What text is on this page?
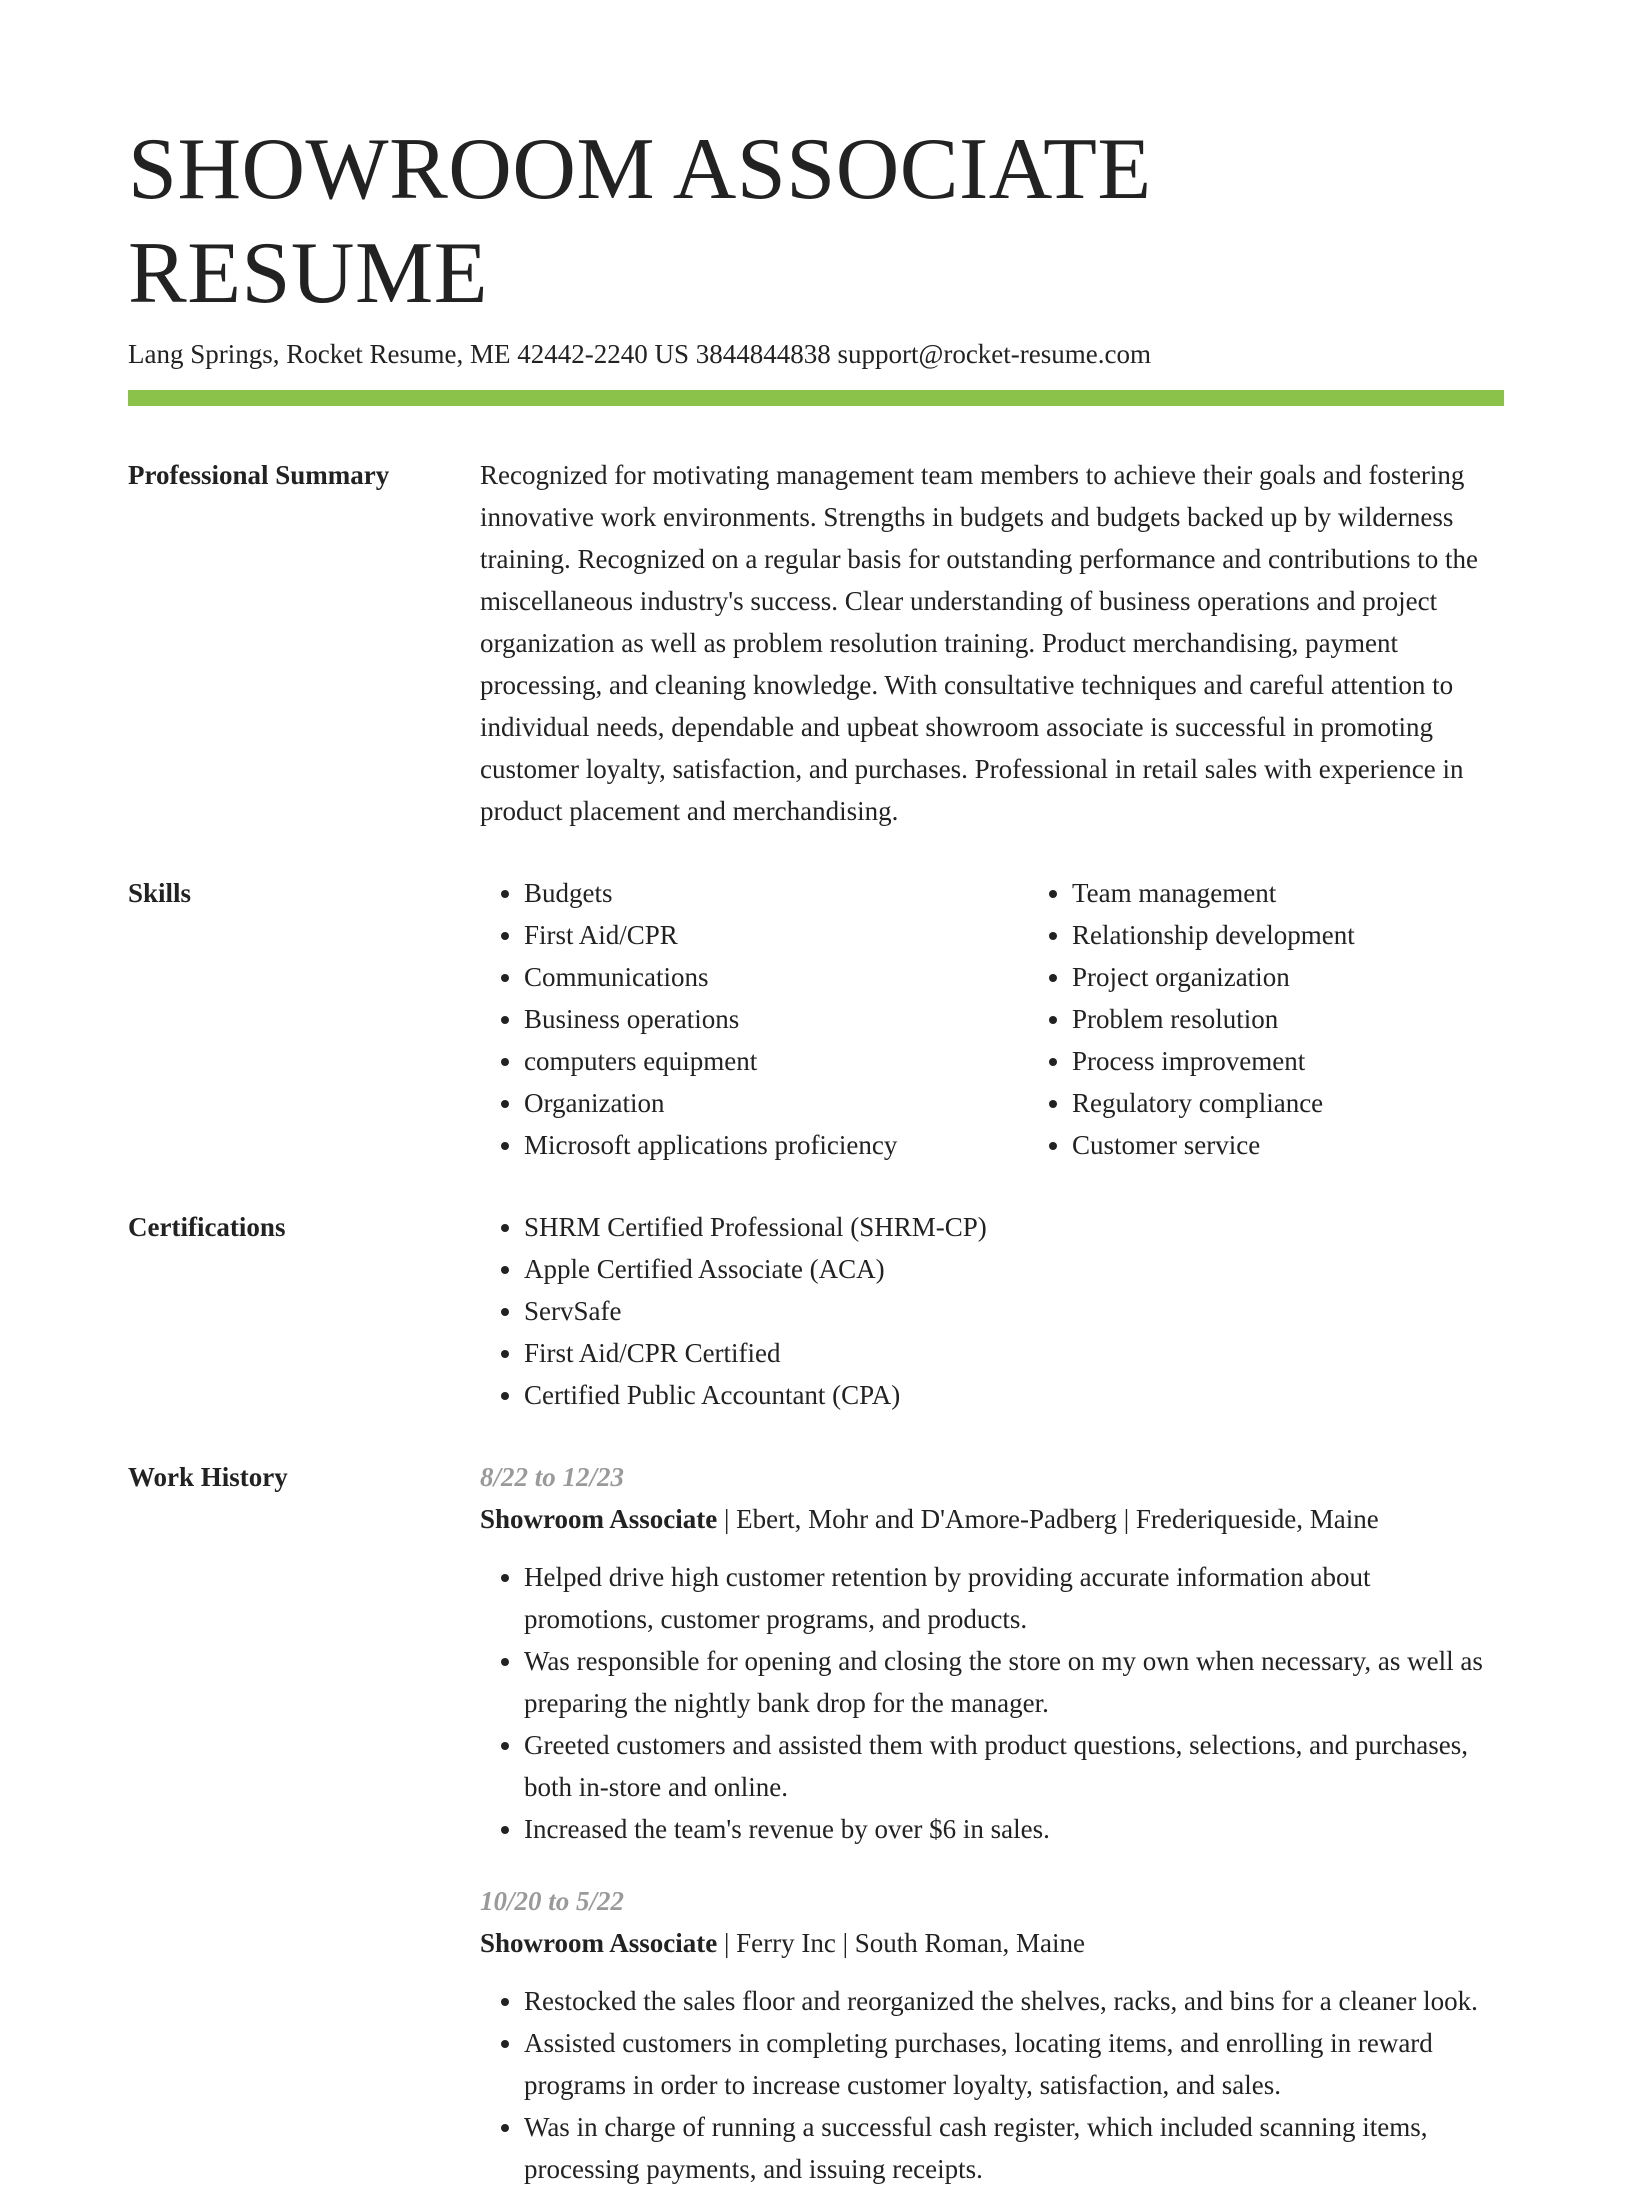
SHOWROOM ASSOCIATE RESUME
Lang Springs, Rocket Resume, ME 42442-2240 US 3844844838 support@rocket-resume.com
Professional Summary	Recognized for motivating management team members to achieve their goals and fostering innovative work environments. Strengths in budgets and budgets backed up by wilderness training. Recognized on a regular basis for outstanding performance and contributions to the miscellaneous industry's success. Clear understanding of business operations and project organization as well as problem resolution training. Product merchandising, payment processing, and cleaning knowledge. With consultative techniques and careful attention to individual needs, dependable and upbeat showroom associate is successful in promoting customer loyalty, satisfaction, and purchases. Professional in retail sales with experience in product placement and merchandising.

Skills	• Budgets
• First Aid/CPR
• Communications
• Business operations
• computers equipment
• Organization
• Microsoft applications proficiency
• Team management
• Relationship development
• Project organization
• Problem resolution
• Process improvement
• Regulatory compliance
• Customer service
Certifications	• SHRM Certified Professional (SHRM-CP)
• Apple Certified Associate (ACA)
• ServSafe
• First Aid/CPR Certified
• Certified Public Accountant (CPA)
Work History	8/22 to 12/23
Showroom Associate | Ebert, Mohr and D'Amore-Padberg | Frederiqueside, Maine
• Helped drive high customer retention by providing accurate information about promotions, customer programs, and products.
• Was responsible for opening and closing the store on my own when necessary, as well as preparing the nightly bank drop for the manager.
• Greeted customers and assisted them with product questions, selections, and purchases, both in-store and online.
• Increased the team's revenue by over $6 in sales.
10/20 to 5/22
Showroom Associate | Ferry Inc | South Roman, Maine
• Restocked the sales floor and reorganized the shelves, racks, and bins for a cleaner look.
• Assisted customers in completing purchases, locating items, and enrolling in reward programs in order to increase customer loyalty, satisfaction, and sales.
• Was in charge of running a successful cash register, which included scanning items, processing payments, and issuing receipts.
